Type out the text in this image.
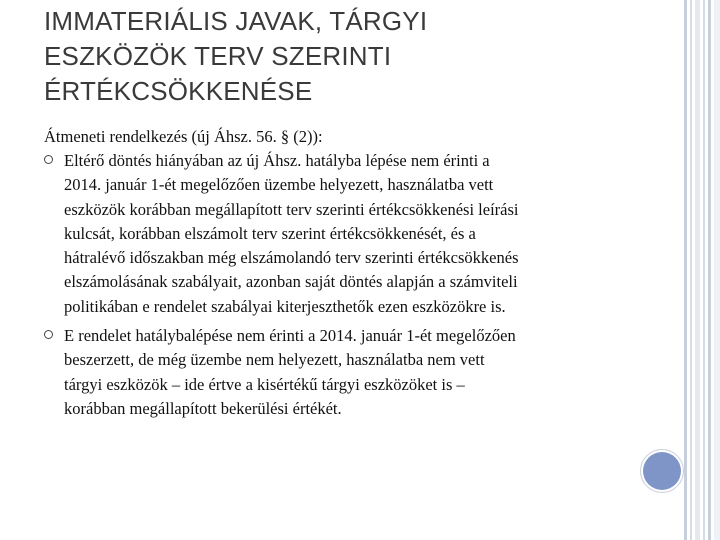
IMMATERIÁLIS JAVAK, TÁRGYI
ESZKÖZÖK TERV SZERINTI
ÉRTÉKCSÖKKENÉSE
Átmeneti rendelkezés (új Áhsz. 56. § (2)):
Eltérő döntés hiányában az új Áhsz. hatályba lépése nem érinti a
2014. január 1-ét megelőzően üzembe helyezett, használatba vett
eszközök korábban megállapított terv szerinti értékcsökkenési leírási
kulcsát, korábban elszámolt terv szerint értékcsökkenését, és a
hátralévő időszakban még elszámolandó terv szerinti értékcsökkenés
elszámolásának szabályait, azonban saját döntés alapján a számviteli
politikában e rendelet szabályai kiterjeszthetők ezen eszközökre is.
E rendelet hatálybalépése nem érinti a 2014. január 1-ét megelőzően
beszerzett, de még üzembe nem helyezett, használatba nem vett
tárgyi eszközök – ide értve a kisértékű tárgyi eszközöket is –
korábban megállapított bekerülési értékét.
